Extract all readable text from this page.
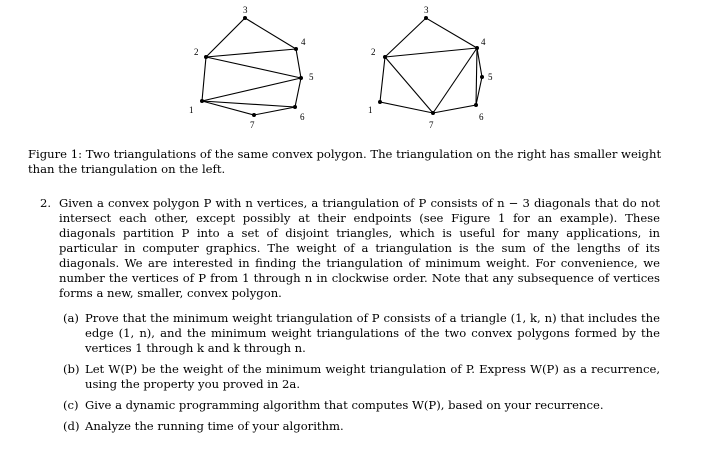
1
2
3
4
5
6
7
1
2
3
4
5
6
7

Figure 1: Two triangulations of the same convex polygon. The triangulation on the right has smaller weight than the triangulation on the left.

2. Given a convex polygon P with n vertices, a triangulation of P consists of n − 3 diagonals that do not intersect each other, except possibly at their endpoints (see Figure 1 for an example). These diagonals partition P into a set of disjoint triangles, which is useful for many applications, in particular in computer graphics. The weight of a triangulation is the sum of the lengths of its diagonals. We are interested in finding the triangulation of minimum weight. For convenience, we number the vertices of P from 1 through n in clockwise order. Note that any subsequence of vertices forms a new, smaller, convex polygon.
(a) Prove that the minimum weight triangulation of P consists of a triangle (1, k, n) that includes the edge (1, n), and the minimum weight triangulations of the two convex polygons formed by the vertices 1 through k and k through n.
(b) Let W(P) be the weight of the minimum weight triangulation of P. Express W(P) as a recurrence, using the property you proved in 2a.
(c) Give a dynamic programming algorithm that computes W(P), based on your recurrence.
(d) Analyze the running time of your algorithm.
